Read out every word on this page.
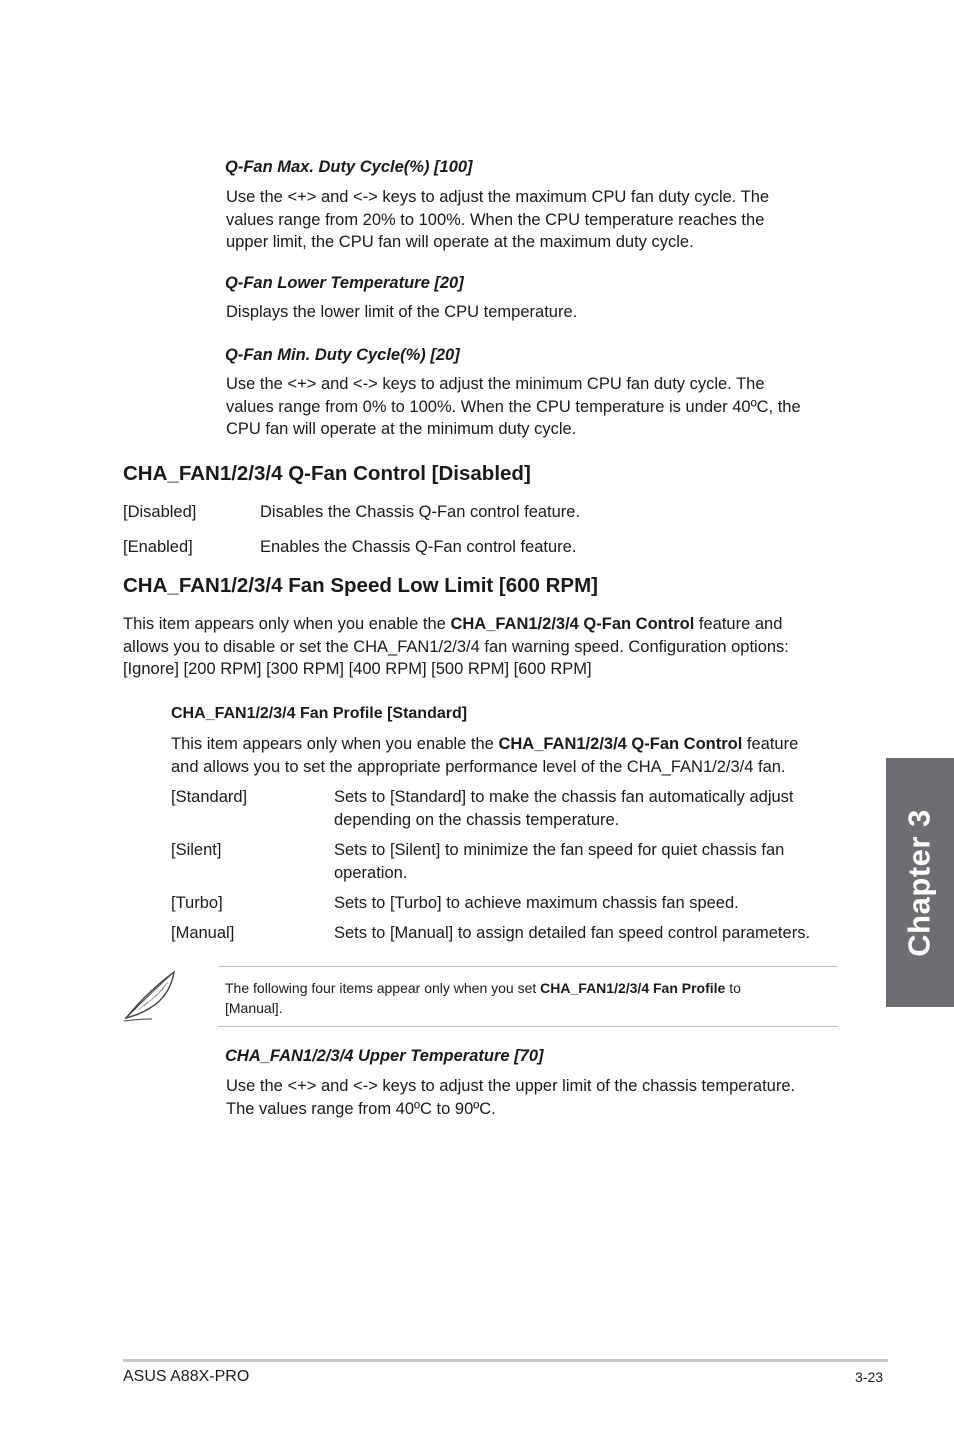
Q-Fan Max. Duty Cycle(%) [100]
Use the <+> and <-> keys to adjust the maximum CPU fan duty cycle. The
values range from 20% to 100%. When the CPU temperature reaches the
upper limit, the CPU fan will operate at the maximum duty cycle.
Q-Fan Lower Temperature [20]
Displays the lower limit of the CPU temperature.
Q-Fan Min. Duty Cycle(%) [20]
Use the <+> and <-> keys to adjust the minimum CPU fan duty cycle. The
values range from 0% to 100%. When the CPU temperature is under 40ºC, the
CPU fan will operate at the minimum duty cycle.
CHA_FAN1/2/3/4 Q-Fan Control [Disabled]
[Disabled]	Disables the Chassis Q-Fan control feature.
[Enabled]	Enables the Chassis Q-Fan control feature.
CHA_FAN1/2/3/4 Fan Speed Low Limit [600 RPM]
This item appears only when you enable the CHA_FAN1/2/3/4 Q-Fan Control feature and
allows you to disable or set the CHA_FAN1/2/3/4 fan warning speed. Configuration options:
[Ignore] [200 RPM] [300 RPM] [400 RPM] [500 RPM] [600 RPM]
CHA_FAN1/2/3/4 Fan Profile [Standard]
This item appears only when you enable the CHA_FAN1/2/3/4 Q-Fan Control feature
and allows you to set the appropriate performance level of the CHA_FAN1/2/3/4 fan.
[Standard]	Sets to [Standard] to make the chassis fan automatically adjust
depending on the chassis temperature.
[Silent]	Sets to [Silent] to minimize the fan speed for quiet chassis fan
operation.
[Turbo]	Sets to [Turbo] to achieve maximum chassis fan speed.
[Manual]	Sets to [Manual] to assign detailed fan speed control parameters.
The following four items appear only when you set CHA_FAN1/2/3/4 Fan Profile to
[Manual].
CHA_FAN1/2/3/4 Upper Temperature [70]
Use the <+> and <-> keys to adjust the upper limit of the chassis temperature.
The values range from 40ºC to 90ºC.
Chapter 3
ASUS A88X-PRO	3-23
